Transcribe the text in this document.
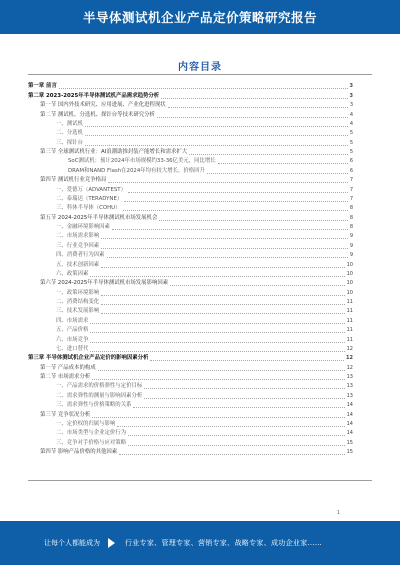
半导体测试机企业产品定价策略研究报告
内容目录
第一章 前言	3
第二章 2023-2025年半导体测试机产品需求趋势分析	3
第一节 国内外技术研究、应用进展、产业化进程现状	3
第二节 测试机、分选机、探针台等技术研究分析	4
一、测试机	4
二、分选机	5
三、探针台	5
第三节 全球测试机行业：AI浪潮助推封装产能增长和需求扩大	5
SoC测试机：预计2024年市场规模约33-36亿美元，同比增长	6
DRAM和NAND Flash在2024年均有较大增长，价格回升	6
第四节 测试机行业竞争格局	7
一、爱德万（ADVANTEST）	7
二、泰瑞达（TERADYNE）	7
三、科休半导体（COHU）	8
第五节 2024-2025年半导体测试机市场发展机会	8
一、金融环境影响因素	8
二、市场需求影响	9
三、行业竞争因素	9
四、消费者行为因素	9
五、技术创新因素	10
六、政策因素	10
第六节 2024-2025年半导体测试机市场发展影响因素	10
一、政策环境影响	10
二、消费结构变化	11
三、技术发展影响	11
四、市场需求	11
五、产品价格	11
六、市场竞争	11
七、进口替代	12
第三章 半导体测试机企业产品定价的影响因素分析	12
第一节 产品成本的构成	12
第二节 市场需求分析	13
一、产品需求的价格弹性与定价目标	13
二、需求弹性的测量与影响因素分析	13
三、需求弹性与价格策略的关系	14
第三节 竞争状况分析	14
一、定价权的归属与影响	14
二、市场类型与企业定价行为	14
三、竞争对手价格与应对策略	15
第四节 影响产品价格的其他因素	15
1
让每个人都能成为	行业专家、管理专家、营销专家、战略专家、成功企业家……
